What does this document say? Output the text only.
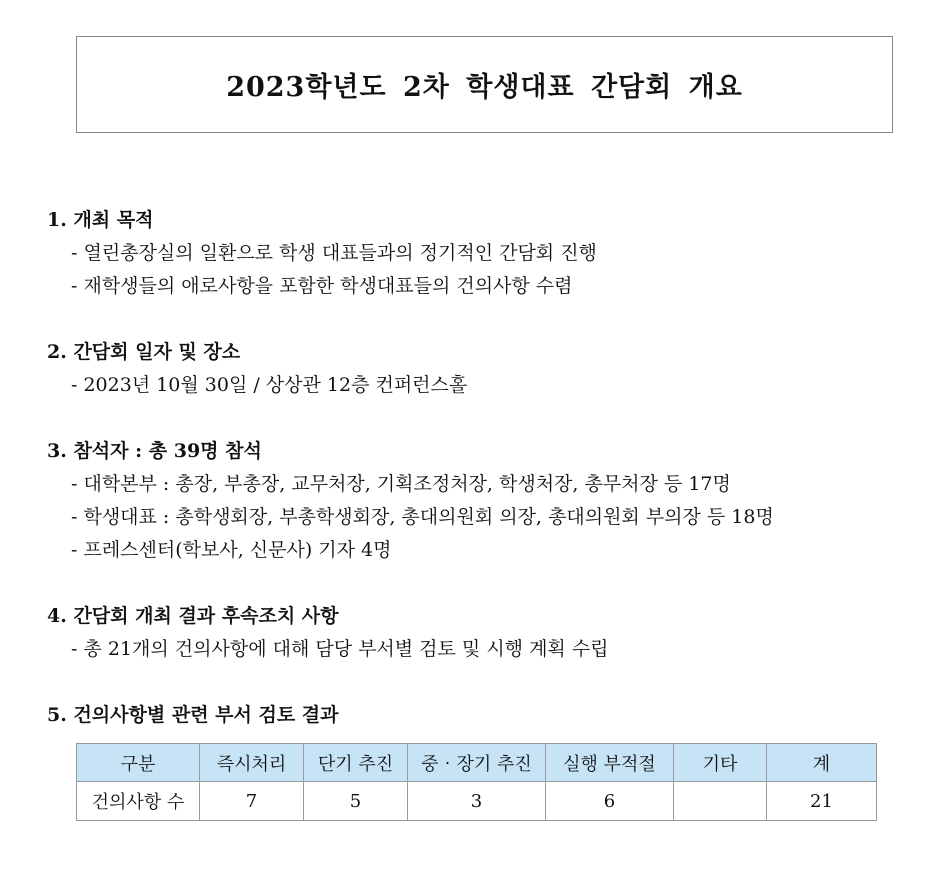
2023학년도 2차 학생대표 간담회 개요
1. 개최 목적
- 열린총장실의 일환으로 학생 대표들과의 정기적인 간담회 진행
- 재학생들의 애로사항을 포함한 학생대표들의 건의사항 수렴
2. 간담회 일자 및 장소
- 2023년 10월 30일 / 상상관 12층 컨퍼런스홀
3. 참석자 : 총 39명 참석
- 대학본부 : 총장, 부총장, 교무처장, 기획조정처장, 학생처장, 총무처장 등 17명
- 학생대표 : 총학생회장, 부총학생회장, 총대의원회 의장, 총대의원회 부의장 등 18명
- 프레스센터(학보사, 신문사) 기자 4명
4. 간담회 개최 결과 후속조치 사항
- 총 21개의 건의사항에 대해 담당 부서별 검토 및 시행 계획 수립
5. 건의사항별 관련 부서 검토 결과
구분	즉시처리	단기 추진	중‧장기 추진	실행 부적절	기타	계
건의사항 수	7	5	3	6		21
